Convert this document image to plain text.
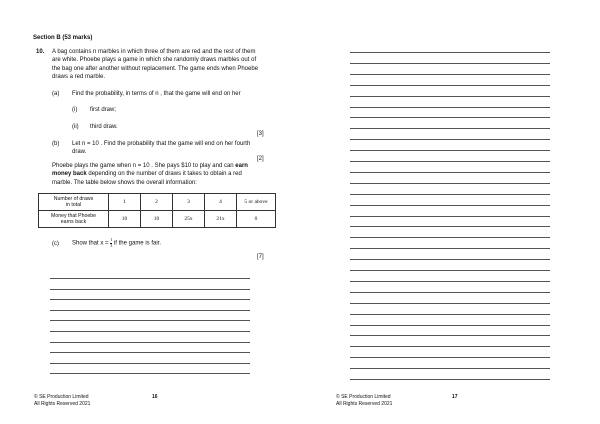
Section B (53 marks)
10. A bag contains n marbles in which three of them are red and the rest of them
are white. Phoebe plays a game in which she randomly draws marbles out of
the bag one after another without replacement. The game ends when Phoebe
draws a red marble.
(a) Find the probability, in terms of n , that the game will end on her
(i) first draw;
(ii) third draw.
[3]
(b) Let n = 10 . Find the probability that the game will end on her fourth
draw.
[2]
Phoebe plays the game when n = 10 . She pays $10 to play and can earn
money back depending on the number of draws it takes to obtain a red
marble. The table below shows the overall information:
Number of draws
in total	1	2	3	4	5 or above

Money that Phoebe
earns back	10	10	25x	21x	0
(c) Show that $x = \frac{1}{3}$ if the game is fair.
[7]
© SE Production Limited
All Rights Reserved 2021
16	© SE Production Limited
All Rights Reserved 2021
17
